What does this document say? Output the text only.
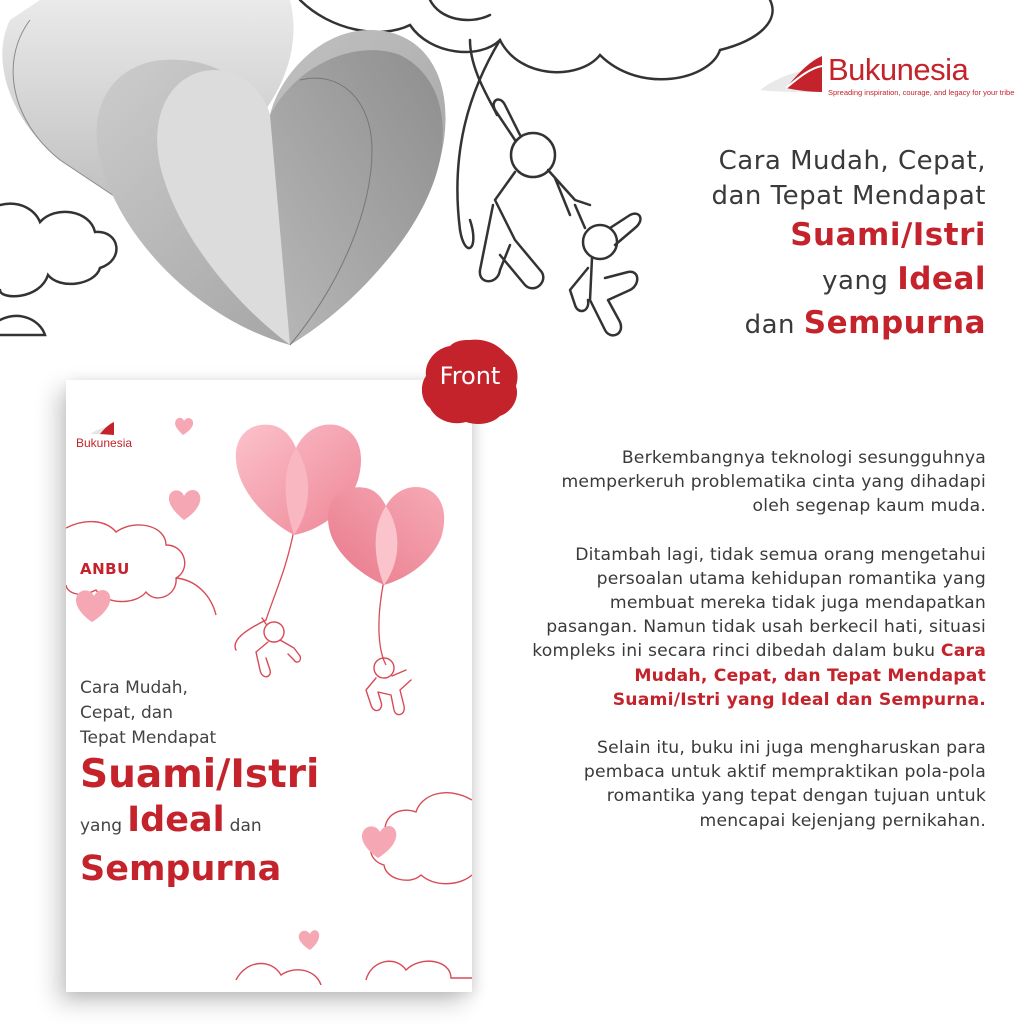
Bukunesia
Spreading inspiration, courage, and legacy for your tribe
Cara Mudah, Cepat,
dan Tepat Mendapat
Suami/Istri
yang Ideal
dan Sempurna
Bukunesia
ANBU
Cara Mudah,
Cepat, dan
Tepat Mendapat
Suami/Istri
yang Ideal dan
Sempurna
Front

Berkembangnya teknologi sesungguhnya memperkeruh problematika cinta yang dihadapi oleh segenap kaum muda.

Ditambah lagi, tidak semua orang mengetahui persoalan utama kehidupan romantika yang membuat mereka tidak juga mendapatkan pasangan. Namun tidak usah berkecil hati, situasi kompleks ini secara rinci dibedah dalam buku Cara Mudah, Cepat, dan Tepat Mendapat Suami/Istri yang Ideal dan Sempurna.

Selain itu, buku ini juga mengharuskan para pembaca untuk aktif mempraktikan pola-pola romantika yang tepat dengan tujuan untuk mencapai kejenjang pernikahan.
